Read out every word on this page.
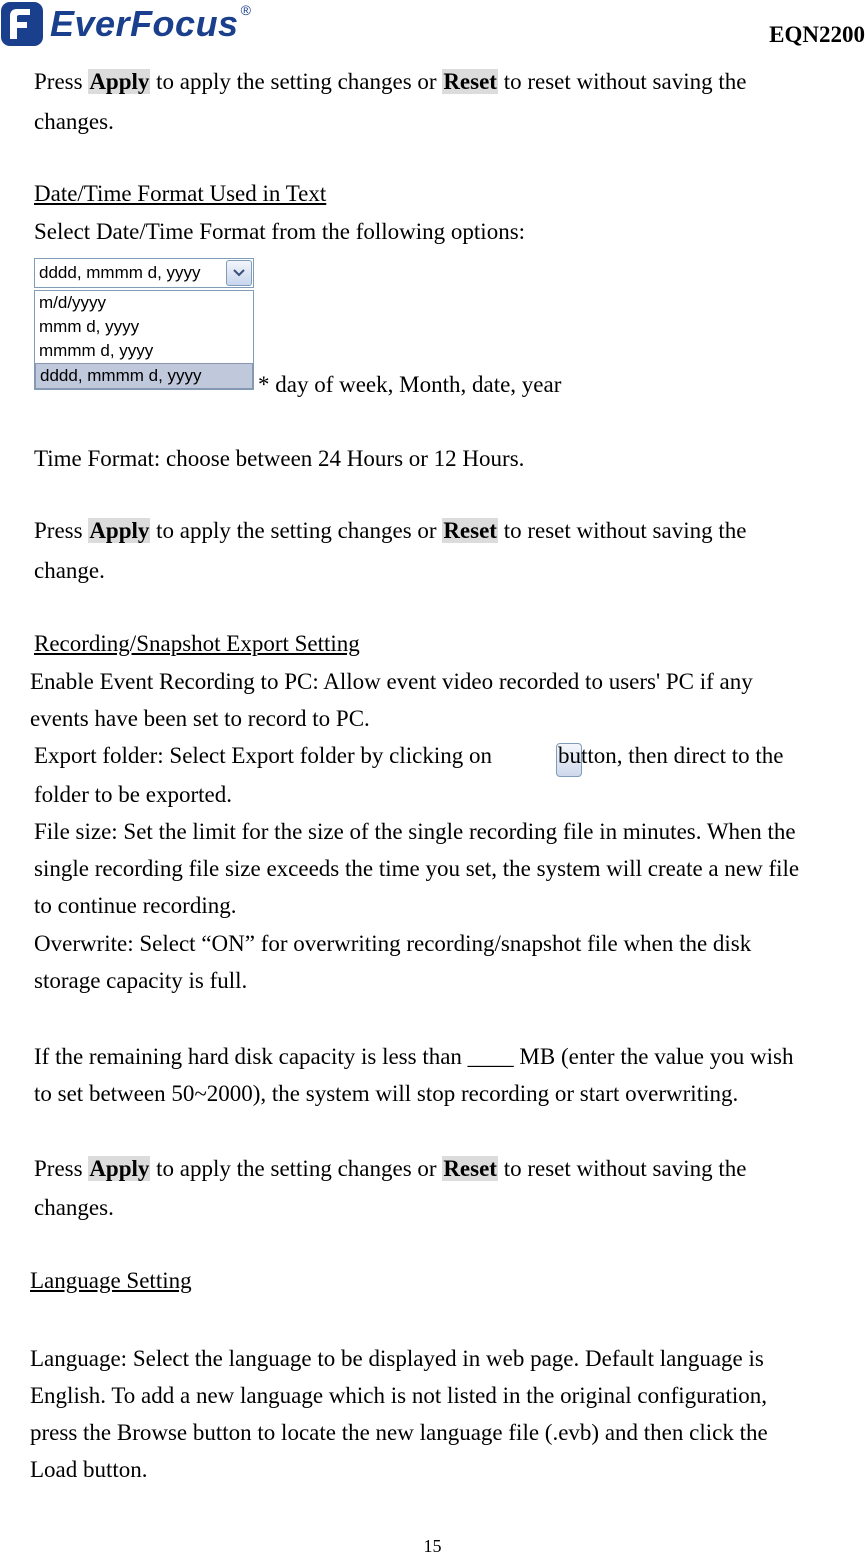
EverFocus ®
EQN2200
Press Apply to apply the setting changes or Reset to reset without saving the
changes.
Date/Time Format Used in Text
Select Date/Time Format from the following options:
dddd, mmmm d, yyyy
m/d/yyyy
mmm d, yyyy
mmmm d, yyyy
dddd, mmmm d, yyyy	* day of week, Month, date, year
Time Format: choose between 24 Hours or 12 Hours.
Press Apply to apply the setting changes or Reset to reset without saving the
change.
Recording/Snapshot Export Setting
Enable Event Recording to PC: Allow event video recorded to users' PC if any
events have been set to record to PC.
Export folder: Select Export folder by clicking on	button, then direct to the
folder to be exported.
File size: Set the limit for the size of the single recording file in minutes. When the
single recording file size exceeds the time you set, the system will create a new file
to continue recording.
Overwrite: Select “ON” for overwriting recording/snapshot file when the disk
storage capacity is full.
If the remaining hard disk capacity is less than ____ MB (enter the value you wish
to set between 50~2000), the system will stop recording or start overwriting.
Press Apply to apply the setting changes or Reset to reset without saving the
changes.
Language Setting
Language: Select the language to be displayed in web page. Default language is
English. To add a new language which is not listed in the original configuration,
press the Browse button to locate the new language file (.evb) and then click the
Load button.
15
